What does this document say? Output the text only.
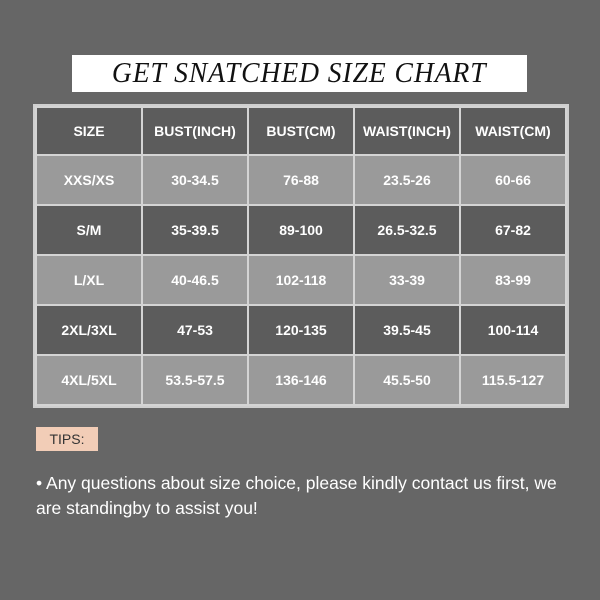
GET SNATCHED SIZE CHART
SIZE	BUST(INCH)	BUST(CM)	WAIST(INCH)	WAIST(CM)
XXS/XS	30-34.5	76-88	23.5-26	60-66
S/M	35-39.5	89-100	26.5-32.5	67-82
L/XL	40-46.5	102-118	33-39	83-99
2XL/3XL	47-53	120-135	39.5-45	100-114
4XL/5XL	53.5-57.5	136-146	45.5-50	115.5-127
TIPS:
• Any questions about size choice, please kindly contact us first, we are standingby to assist you!
